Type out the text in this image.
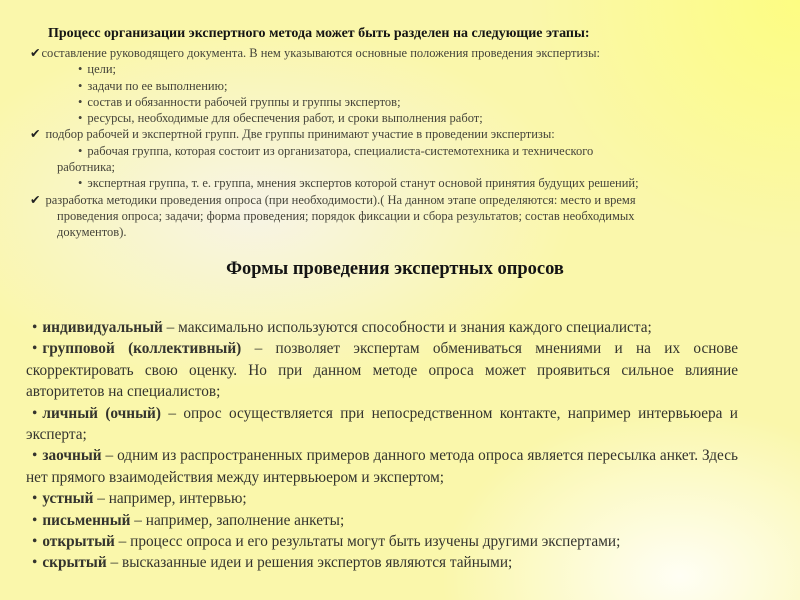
Процесс организации экспертного метода может быть разделен на следующие этапы:
✔составление руководящего документа. В нем указываются основные положения проведения экспертизы:
• цели;
• задачи по ее выполнению;
• состав и обязанности рабочей группы и группы экспертов;
• ресурсы, необходимые для обеспечения работ, и сроки выполнения работ;
✔ подбор рабочей и экспертной групп. Две группы принимают участие в проведении экспертизы:
• рабочая группа, которая состоит из организатора, специалиста-системотехника и технического
работника;
• экспертная группа, т. е. группа, мнения экспертов которой станут основой принятия будущих решений;
✔ разработка методики проведения опроса (при необходимости).( На данном этапе определяются: место и время
проведения опроса; задачи; форма проведения; порядок фиксации и сбора результатов; состав необходимых
документов).
Формы проведения экспертных опросов

• индивидуальный – максимально используются способности и знания каждого специалиста;

• групповой (коллективный) – позволяет экспертам обмениваться мнениями и на их основе скорректировать свою оценку. Но при данном методе опроса может проявиться сильное влияние авторитетов на специалистов;

• личный (очный) – опрос осуществляется при непосредственном контакте, например интервьюера и эксперта;

• заочный – одним из распространенных примеров данного метода опроса является пересылка анкет. Здесь нет прямого взаимодействия между интервьюером и экспертом;

• устный – например, интервью;

• письменный – например, заполнение анкеты;

• открытый – процесс опроса и его результаты могут быть изучены другими экспертами;

• скрытый – высказанные идеи и решения экспертов являются тайными;
